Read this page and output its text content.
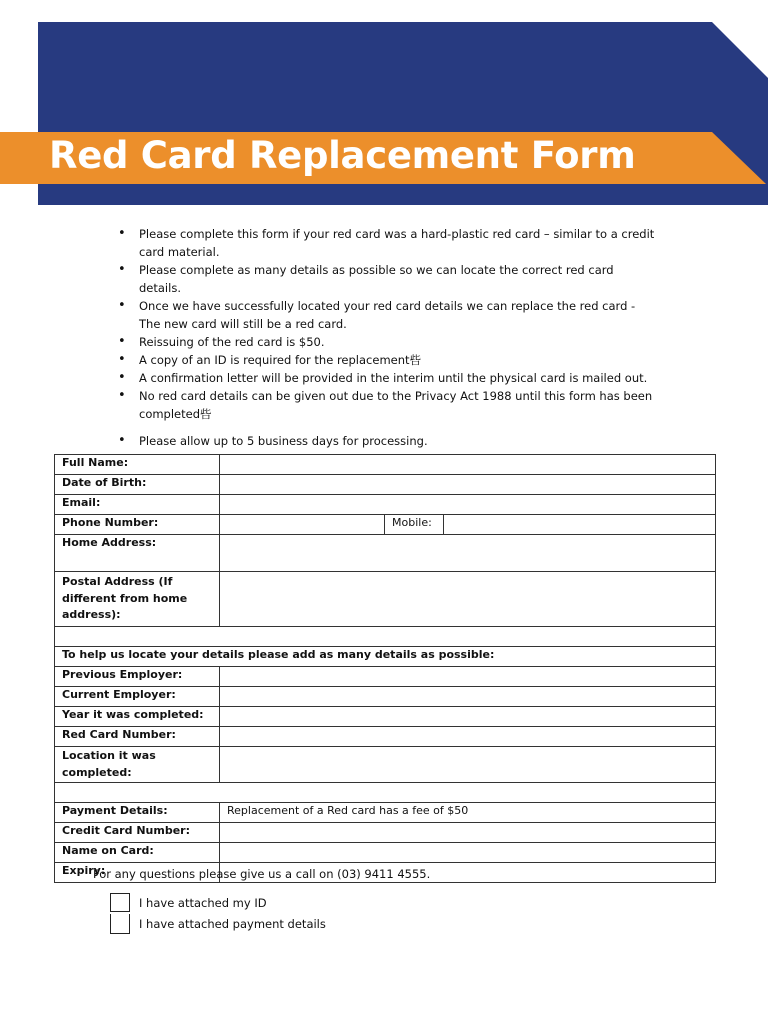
Red Card Replacement Form
• Please complete this form if your red card was a hard-plastic red card – similar to a credit card material.
• Please complete as many details as possible so we can locate the correct red card details.
• Once we have successfully located your red card details we can replace the red card - The new card will still be a red card.
• Reissuing of the red card is $50.
• A copy of an ID is required for the replacement呰
• A confirmation letter will be provided in the interim until the physical card is mailed out.
• No red card details can be given out due to the Privacy Act 1988 until this form has been completed呰
• Please allow up to 5 business days for processing.
Full Name:			
Date of Birth:			
Email:			
Phone Number:		Mobile:	
Home Address:			
Postal Address (If different from home address):			

To help us locate your details please add as many details as possible:			
Previous Employer:			
Current Employer:			
Year it was completed:			
Red Card Number:			
Location it was completed:			

Payment Details:	Replacement of a Red card has a fee of $50		
Credit Card Number:			
Name on Card:			
Expiry:			
For any questions please give us a call on (03) 9411 4555.
I have attached my ID
I have attached payment details
